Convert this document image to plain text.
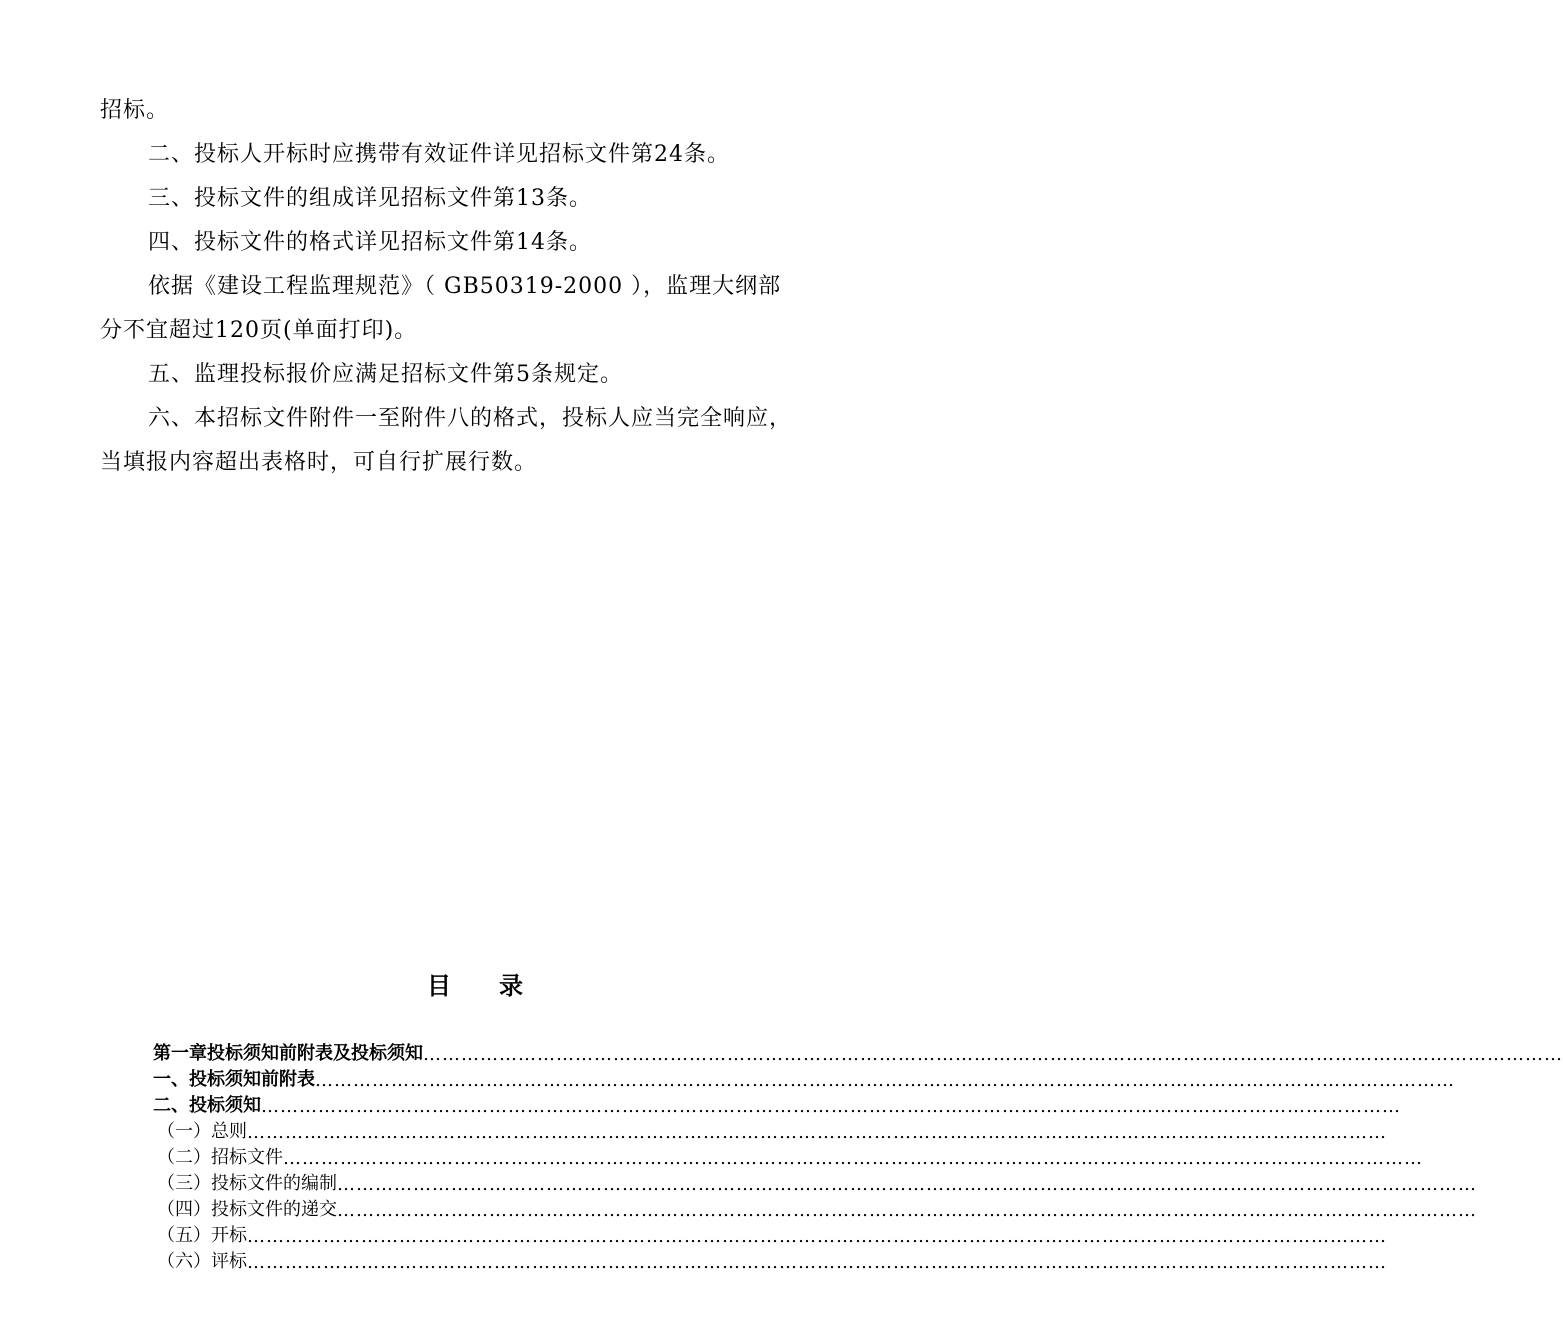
招标。
二、投标人开标时应携带有效证件详见招标文件第24条。
三、投标文件的组成详见招标文件第13条。
四、投标文件的格式详见招标文件第14条。
依据《建设工程监理规范》（ GB50319-2000 ），监理大纲部
分不宜超过120页(单面打印)。
五、监理投标报价应满足招标文件第5条规定。
六、本招标文件附件一至附件八的格式，投标人应当完全响应，
当填报内容超出表格时，可自行扩展行数。
目 录
第一章 投标须知前附表及投标须知 ………………………………………………………………………………………………………………………………………………………………
一、 投标须知前附表 ………………………………………………………………………………………………………………………………………………………………
二、 投标须知 ………………………………………………………………………………………………………………………………………………………………
（一） 总则 ………………………………………………………………………………………………………………………………………………………………
（二） 招标文件 ………………………………………………………………………………………………………………………………………………………………
（三） 投标文件的编制 ………………………………………………………………………………………………………………………………………………………………
（四） 投标文件的递交 ………………………………………………………………………………………………………………………………………………………………
（五） 开标 ………………………………………………………………………………………………………………………………………………………………
（六） 评标 ………………………………………………………………………………………………………………………………………………………………
